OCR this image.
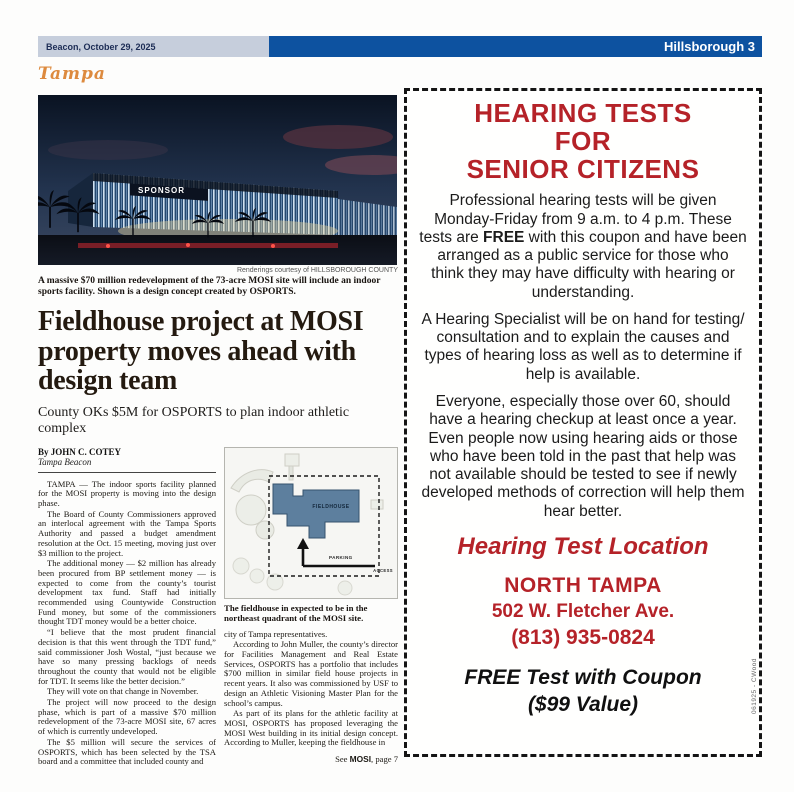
Beacon, October 29, 2025	Hillsborough 3
Tampa
SPONSOR
Renderings courtesy of HILLSBOROUGH COUNTY
A massive $70 million redevelopment of the 73-acre MOSI site will include an indoor sports facility. Shown is a design concept created by OSPORTS.
Fieldhouse project at MOSI property moves ahead with design team
County OKs $5M for OSPORTS to plan indoor athletic complex
By JOHN C. COTEY
Tampa Beacon

TAMPA — The indoor sports facility planned for the MOSI property is moving into the design phase.

The Board of County Commissioners approved an interlocal agreement with the Tampa Sports Authority and passed a budget amendment resolution at the Oct. 15 meeting, moving just over $3 million to the project.

The additional money — $2 million has already been procured from BP settlement money — is expected to come from the county’s tourist development tax fund. Staff had initially recommended using Countywide Construction Fund money, but some of the commissioners thought TDT money would be a better choice.

“I believe that the most prudent financial decision is that this went through the TDT fund,” said commissioner Josh Wostal, “just because we have so many pressing backlogs of needs throughout the county that would not be eligible for TDT. It seems like the better decision.”

They will vote on that change in November.

The project will now proceed to the design phase, which is part of a massive $70 million redevelopment of the 73-acre MOSI site, 67 acres of which is currently undeveloped.

The $5 million will secure the services of OSPORTS, which has been selected by the TSA board and a committee that included county and

FIELDHOUSE
PARKING
ACCESS
The fieldhouse in expected to be in the northeast quadrant of the MOSI site.

city of Tampa representatives.

According to John Muller, the county’s director for Facilities Management and Real Estate Services, OSPORTS has a portfolio that includes $700 million in similar field house projects in recent years. It also was commissioned by USF to design an Athletic Visioning Master Plan for the school’s campus.

As part of its plans for the athletic facility at MOSI, OSPORTS has proposed leveraging the MOSI West building in its initial design concept. According to Muller, keeping the fieldhouse in

See MOSI, page 7
HEARING TESTS
FOR
SENIOR CITIZENS
Professional hearing tests will be given Monday-Friday from 9 a.m. to 4 p.m. These tests are FREE with this coupon and have been arranged as a public service for those who think they may have difficulty with hearing or understanding.
A Hearing Specialist will be on hand for testing/ consultation and to explain the causes and types of hearing loss as well as to determine if help is available.
Everyone, especially those over 60, should have a hearing checkup at least once a year. Even people now using hearing aids or those who have been told in the past that help was not available should be tested to see if newly developed methods of correction will help them hear better.
Hearing Test Location
NORTH TAMPA
502 W. Fletcher Ave.
(813) 935-0824
FREE Test with Coupon
($99 Value)	061925 - CWood
